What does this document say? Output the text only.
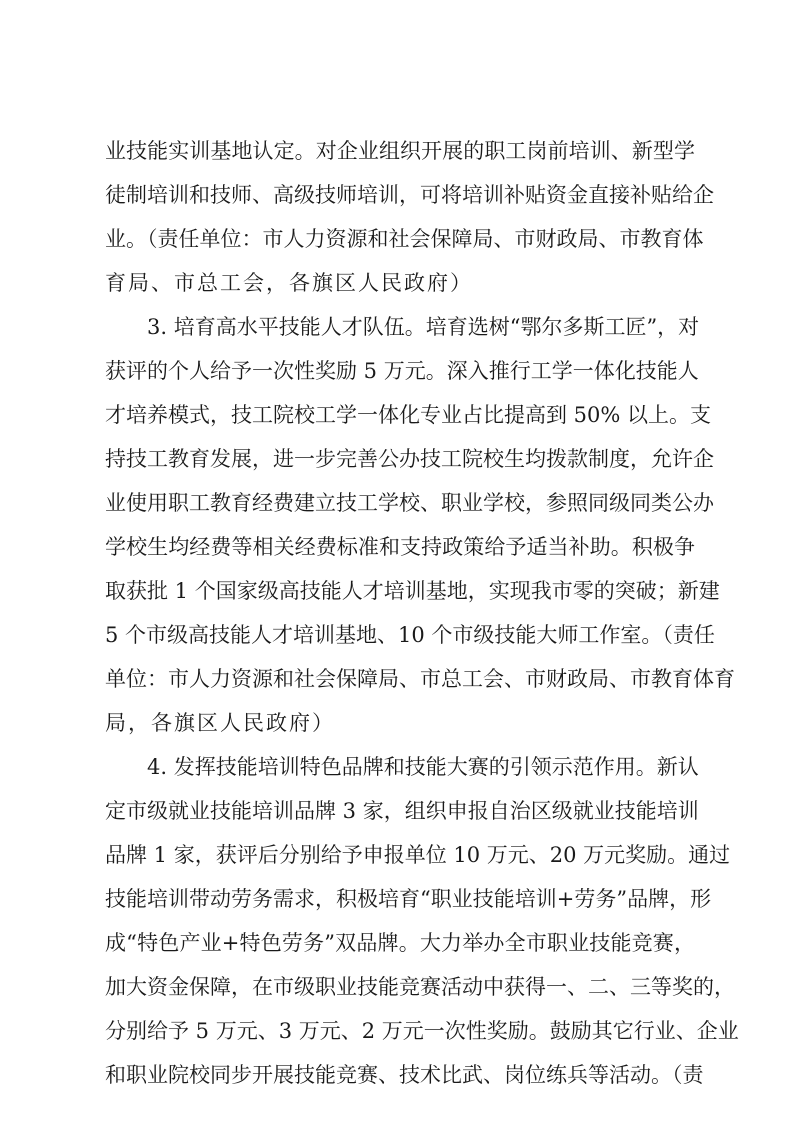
业技能实训基地认定。对企业组织开展的职工岗前培训、新型学
徒制培训和技师、高级技师培训，可将培训补贴资金直接补贴给企
业。（责任单位：市人力资源和社会保障局、市财政局、市教育体
育局、市总工会，各旗区人民政府）
3. 培育高水平技能人才队伍。培育选树“鄂尔多斯工匠”，对
获评的个人给予一次性奖励 5 万元。深入推行工学一体化技能人
才培养模式，技工院校工学一体化专业占比提高到 50% 以上。支
持技工教育发展，进一步完善公办技工院校生均拨款制度，允许企
业使用职工教育经费建立技工学校、职业学校，参照同级同类公办
学校生均经费等相关经费标准和支持政策给予适当补助。积极争
取获批 1 个国家级高技能人才培训基地，实现我市零的突破；新建
5 个市级高技能人才培训基地、10 个市级技能大师工作室。（责任
单位：市人力资源和社会保障局、市总工会、市财政局、市教育体育
局，各旗区人民政府）
4. 发挥技能培训特色品牌和技能大赛的引领示范作用。新认
定市级就业技能培训品牌 3 家，组织申报自治区级就业技能培训
品牌 1 家，获评后分别给予申报单位 10 万元、20 万元奖励。通过
技能培训带动劳务需求，积极培育“职业技能培训+劳务”品牌，形
成“特色产业+特色劳务”双品牌。大力举办全市职业技能竞赛，
加大资金保障，在市级职业技能竞赛活动中获得一、二、三等奖的，
分别给予 5 万元、3 万元、2 万元一次性奖励。鼓励其它行业、企业
和职业院校同步开展技能竞赛、技术比武、岗位练兵等活动。（责
